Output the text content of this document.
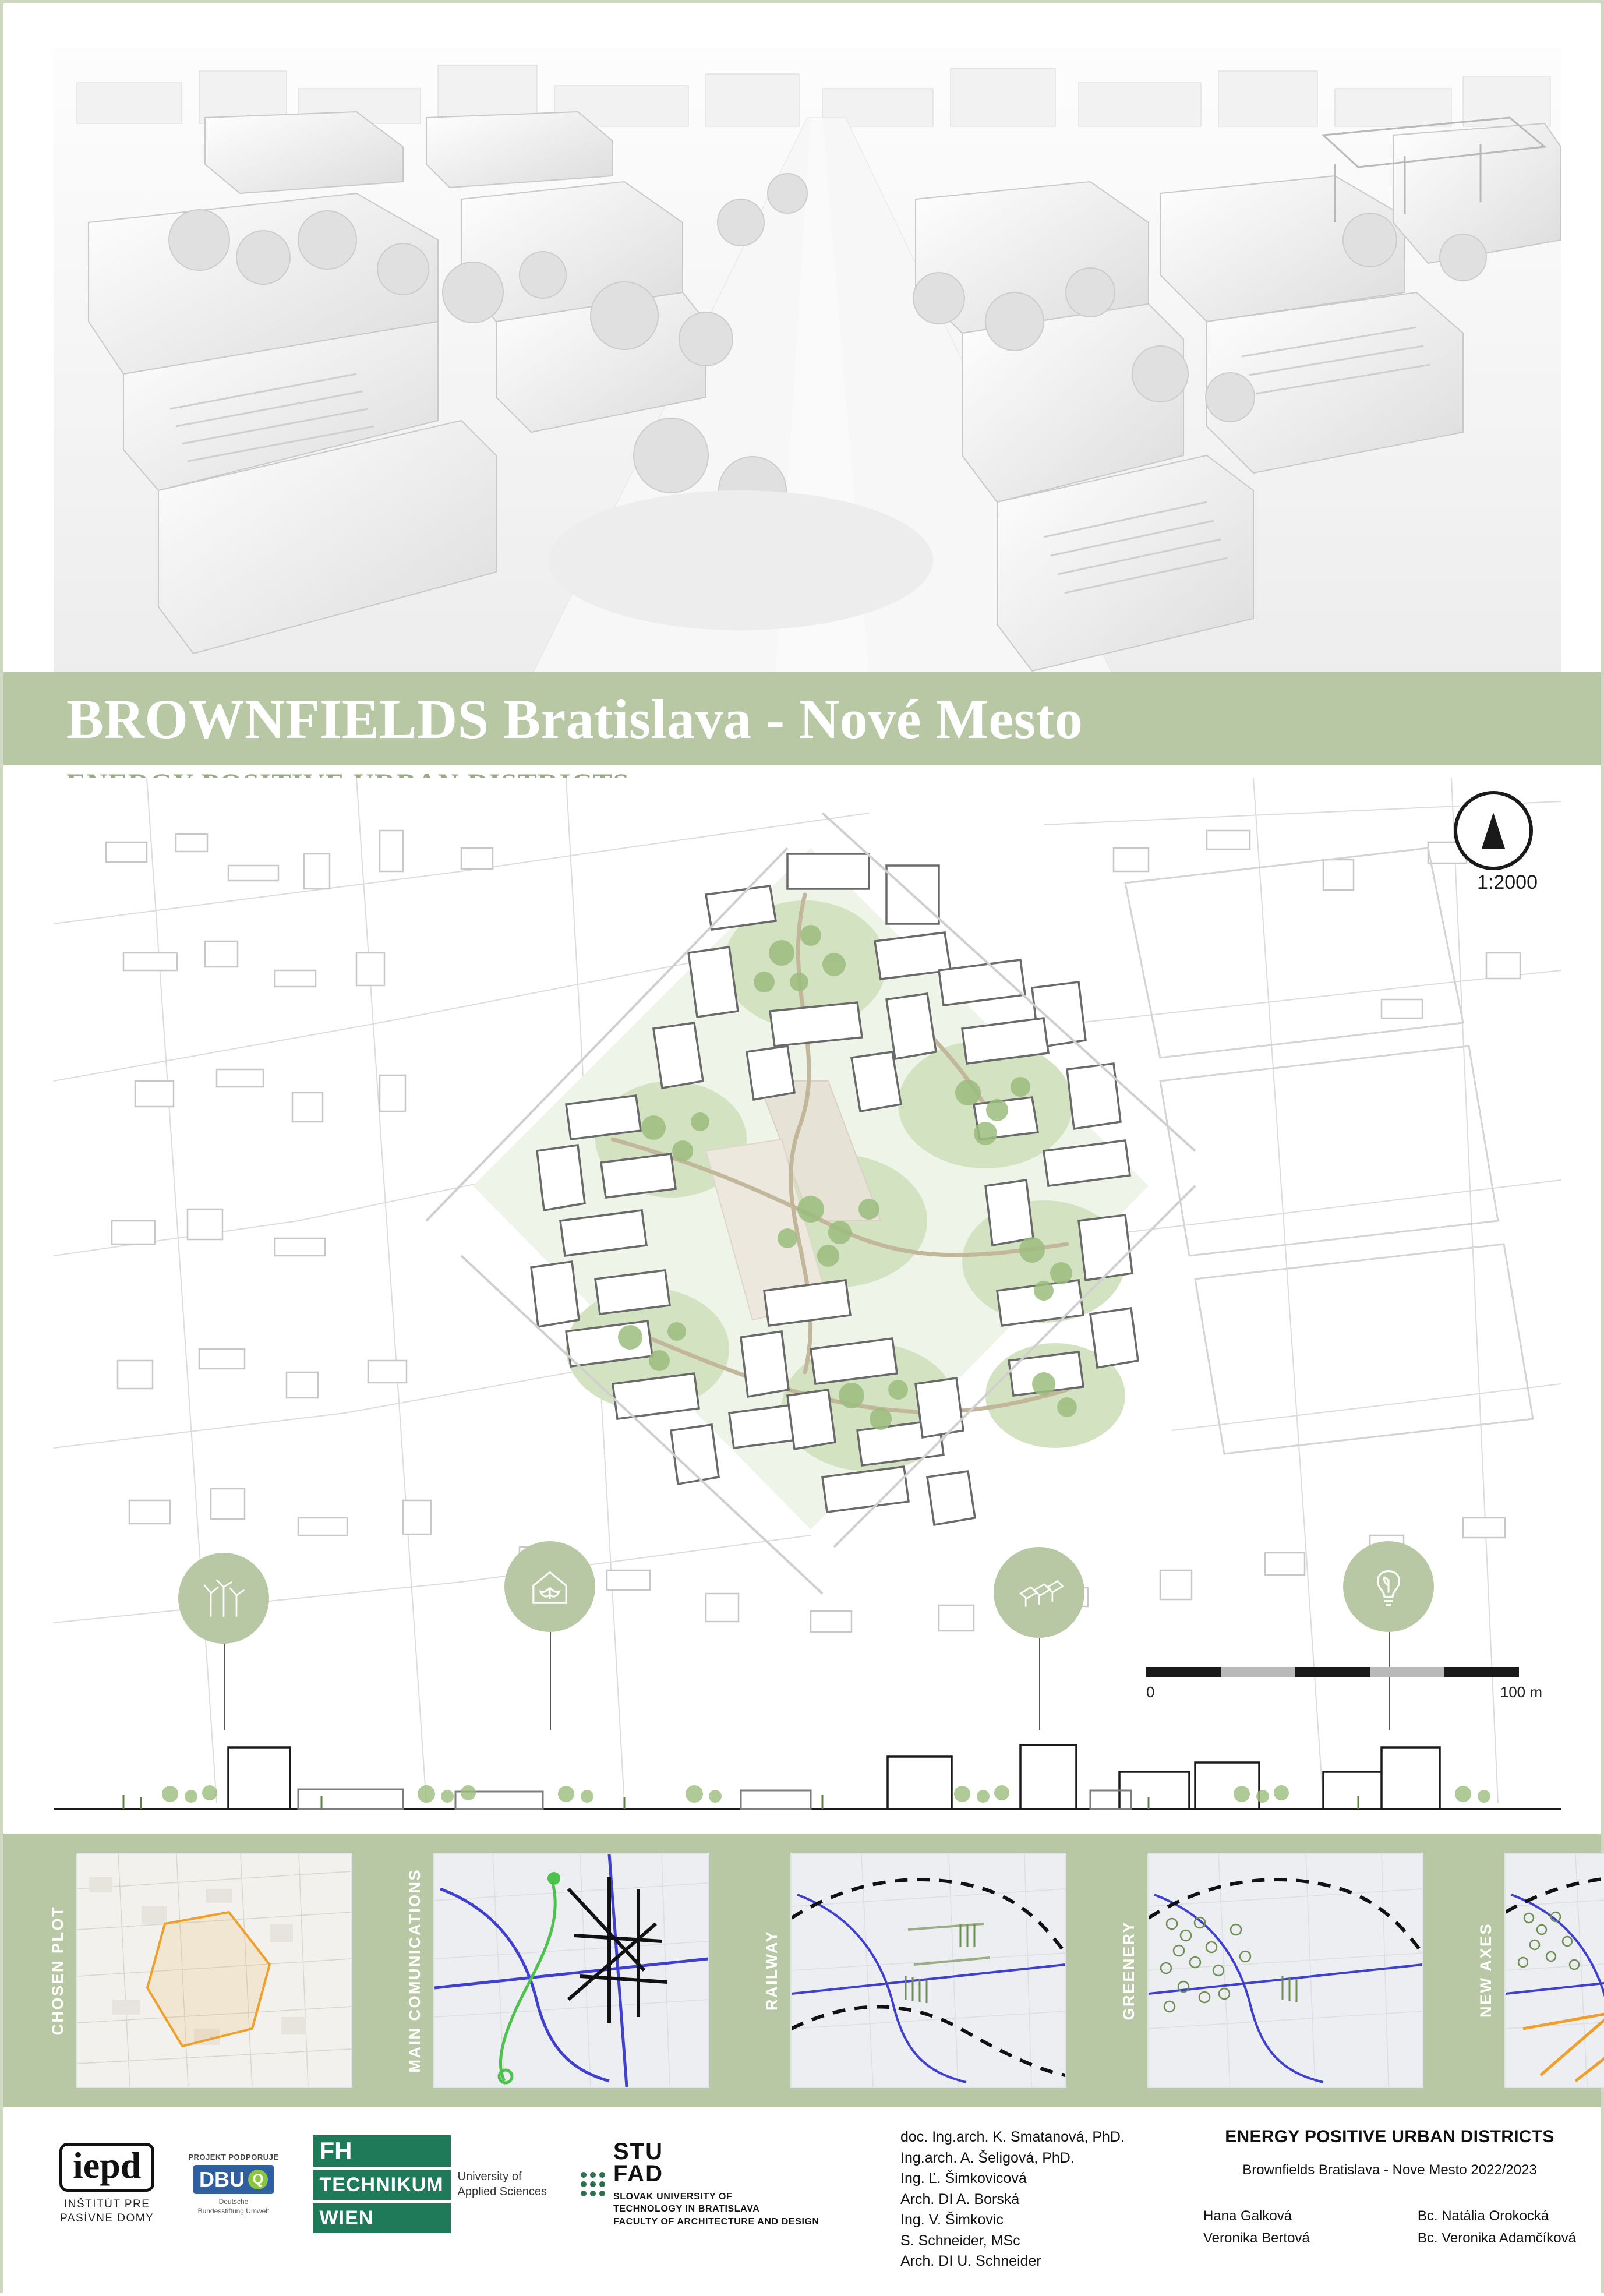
BROWNFIELDS Bratislava - Nové Mesto
1:2000
0	100 m
CHOSEN PLOT	MAIN COMUNICATIONS	RAILWAY	GREENERY	NEW AXES
iepd
INŠTITÚT PRE
PASÍVNE DOMY
PROJEKT PODPORUJE
DBU Q
Deutsche
Bundesstiftung Umwelt
FH
TECHNIKUM
WIEN
University of
Applied Sciences
STU
FAD
SLOVAK UNIVERSITY OF
TECHNOLOGY IN BRATISLAVA
FACULTY OF ARCHITECTURE AND DESIGN
doc. Ing.arch. K. Smatanová, PhD.
Ing.arch. A. Šeligová, PhD.
Ing. Ľ. Šimkovicová
Arch. DI A. Borská
Ing. V. Šimkovic
S. Schneider, MSc
Arch. DI U. Schneider
ENERGY POSITIVE URBAN DISTRICTS
Brownfields Bratislava - Nove Mesto 2022/2023
Hana Galková
Veronika Bertová
Bc. Natália Orokocká
Bc. Veronika Adamčíková
